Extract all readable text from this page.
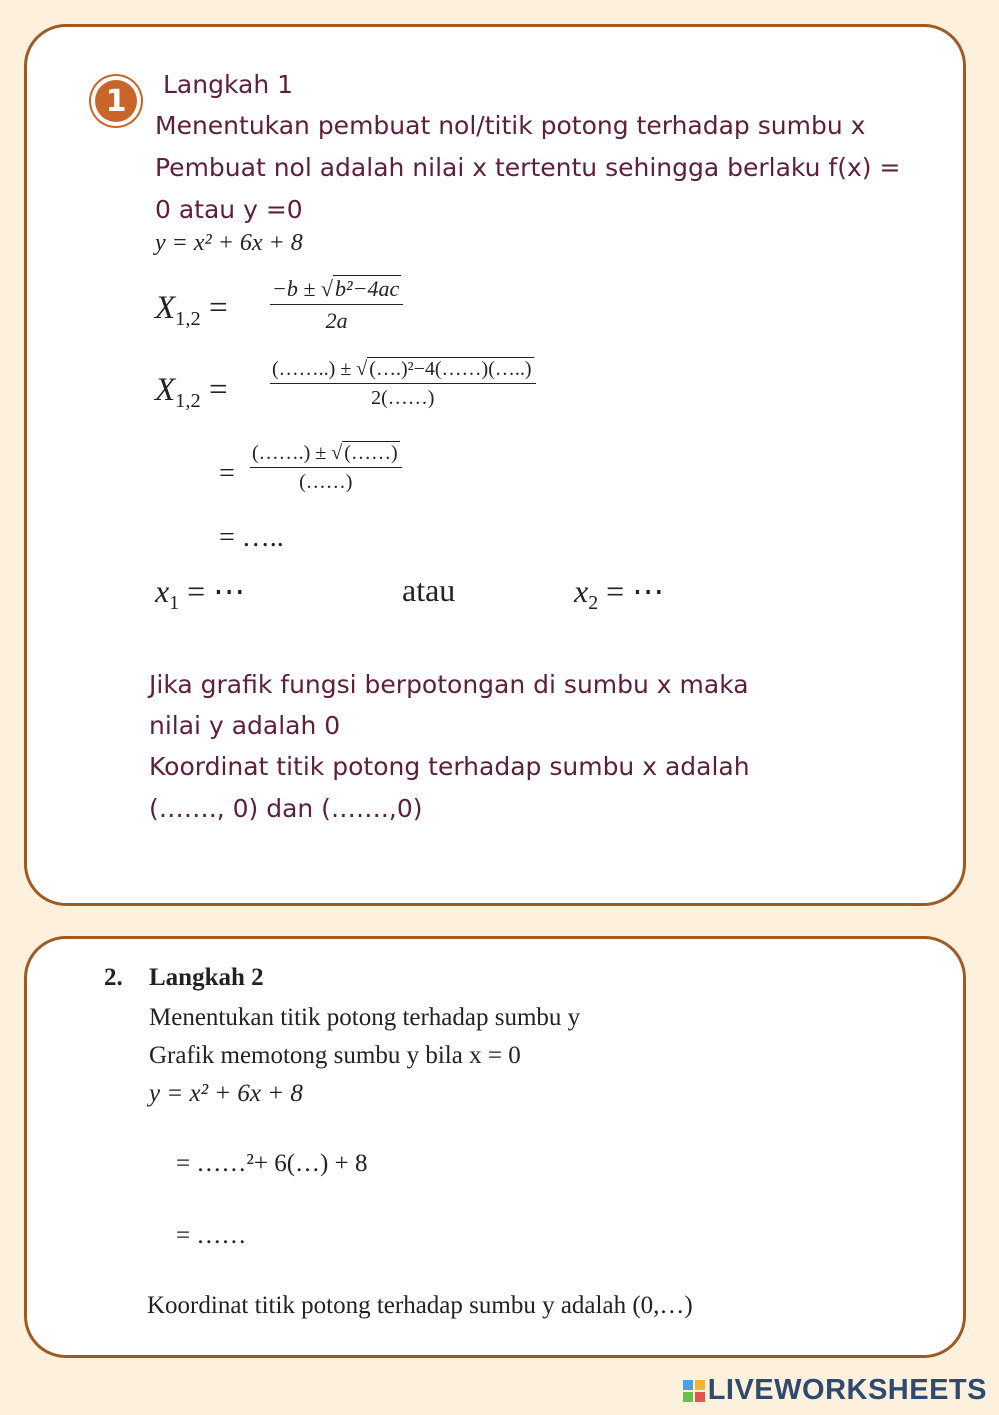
1	Langkah 1
Menentukan pembuat nol/titik potong terhadap sumbu x
Pembuat nol adalah nilai x tertentu sehingga berlaku f(x) =
0 atau y =0
y = x² + 6x + 8
$X_{1,2} = \frac{\text{−b ± √b²−4ac}}{2a}$
$X_{1,2} = \frac{\text{(……..) ± √ (….)²−4(……)(…..)}}{2(\dots\dots)}$
=
(…….) ± √ (……)
(……)
= …..
$x_1$ = ⋯	atau	$x_2$ = ⋯
Jika grafik fungsi berpotongan di sumbu x maka
nilai y adalah 0
Koordinat titik potong terhadap sumbu x adalah
(……., 0) dan (…….,0)
2. Langkah 2
Menentukan titik potong terhadap sumbu y
Grafik memotong sumbu y bila x = 0
y = x² + 6x + 8
= ……²+ 6(…) + 8
= ……
Koordinat titik potong terhadap sumbu y adalah (0,…)
LIVEWORKSHEETS
